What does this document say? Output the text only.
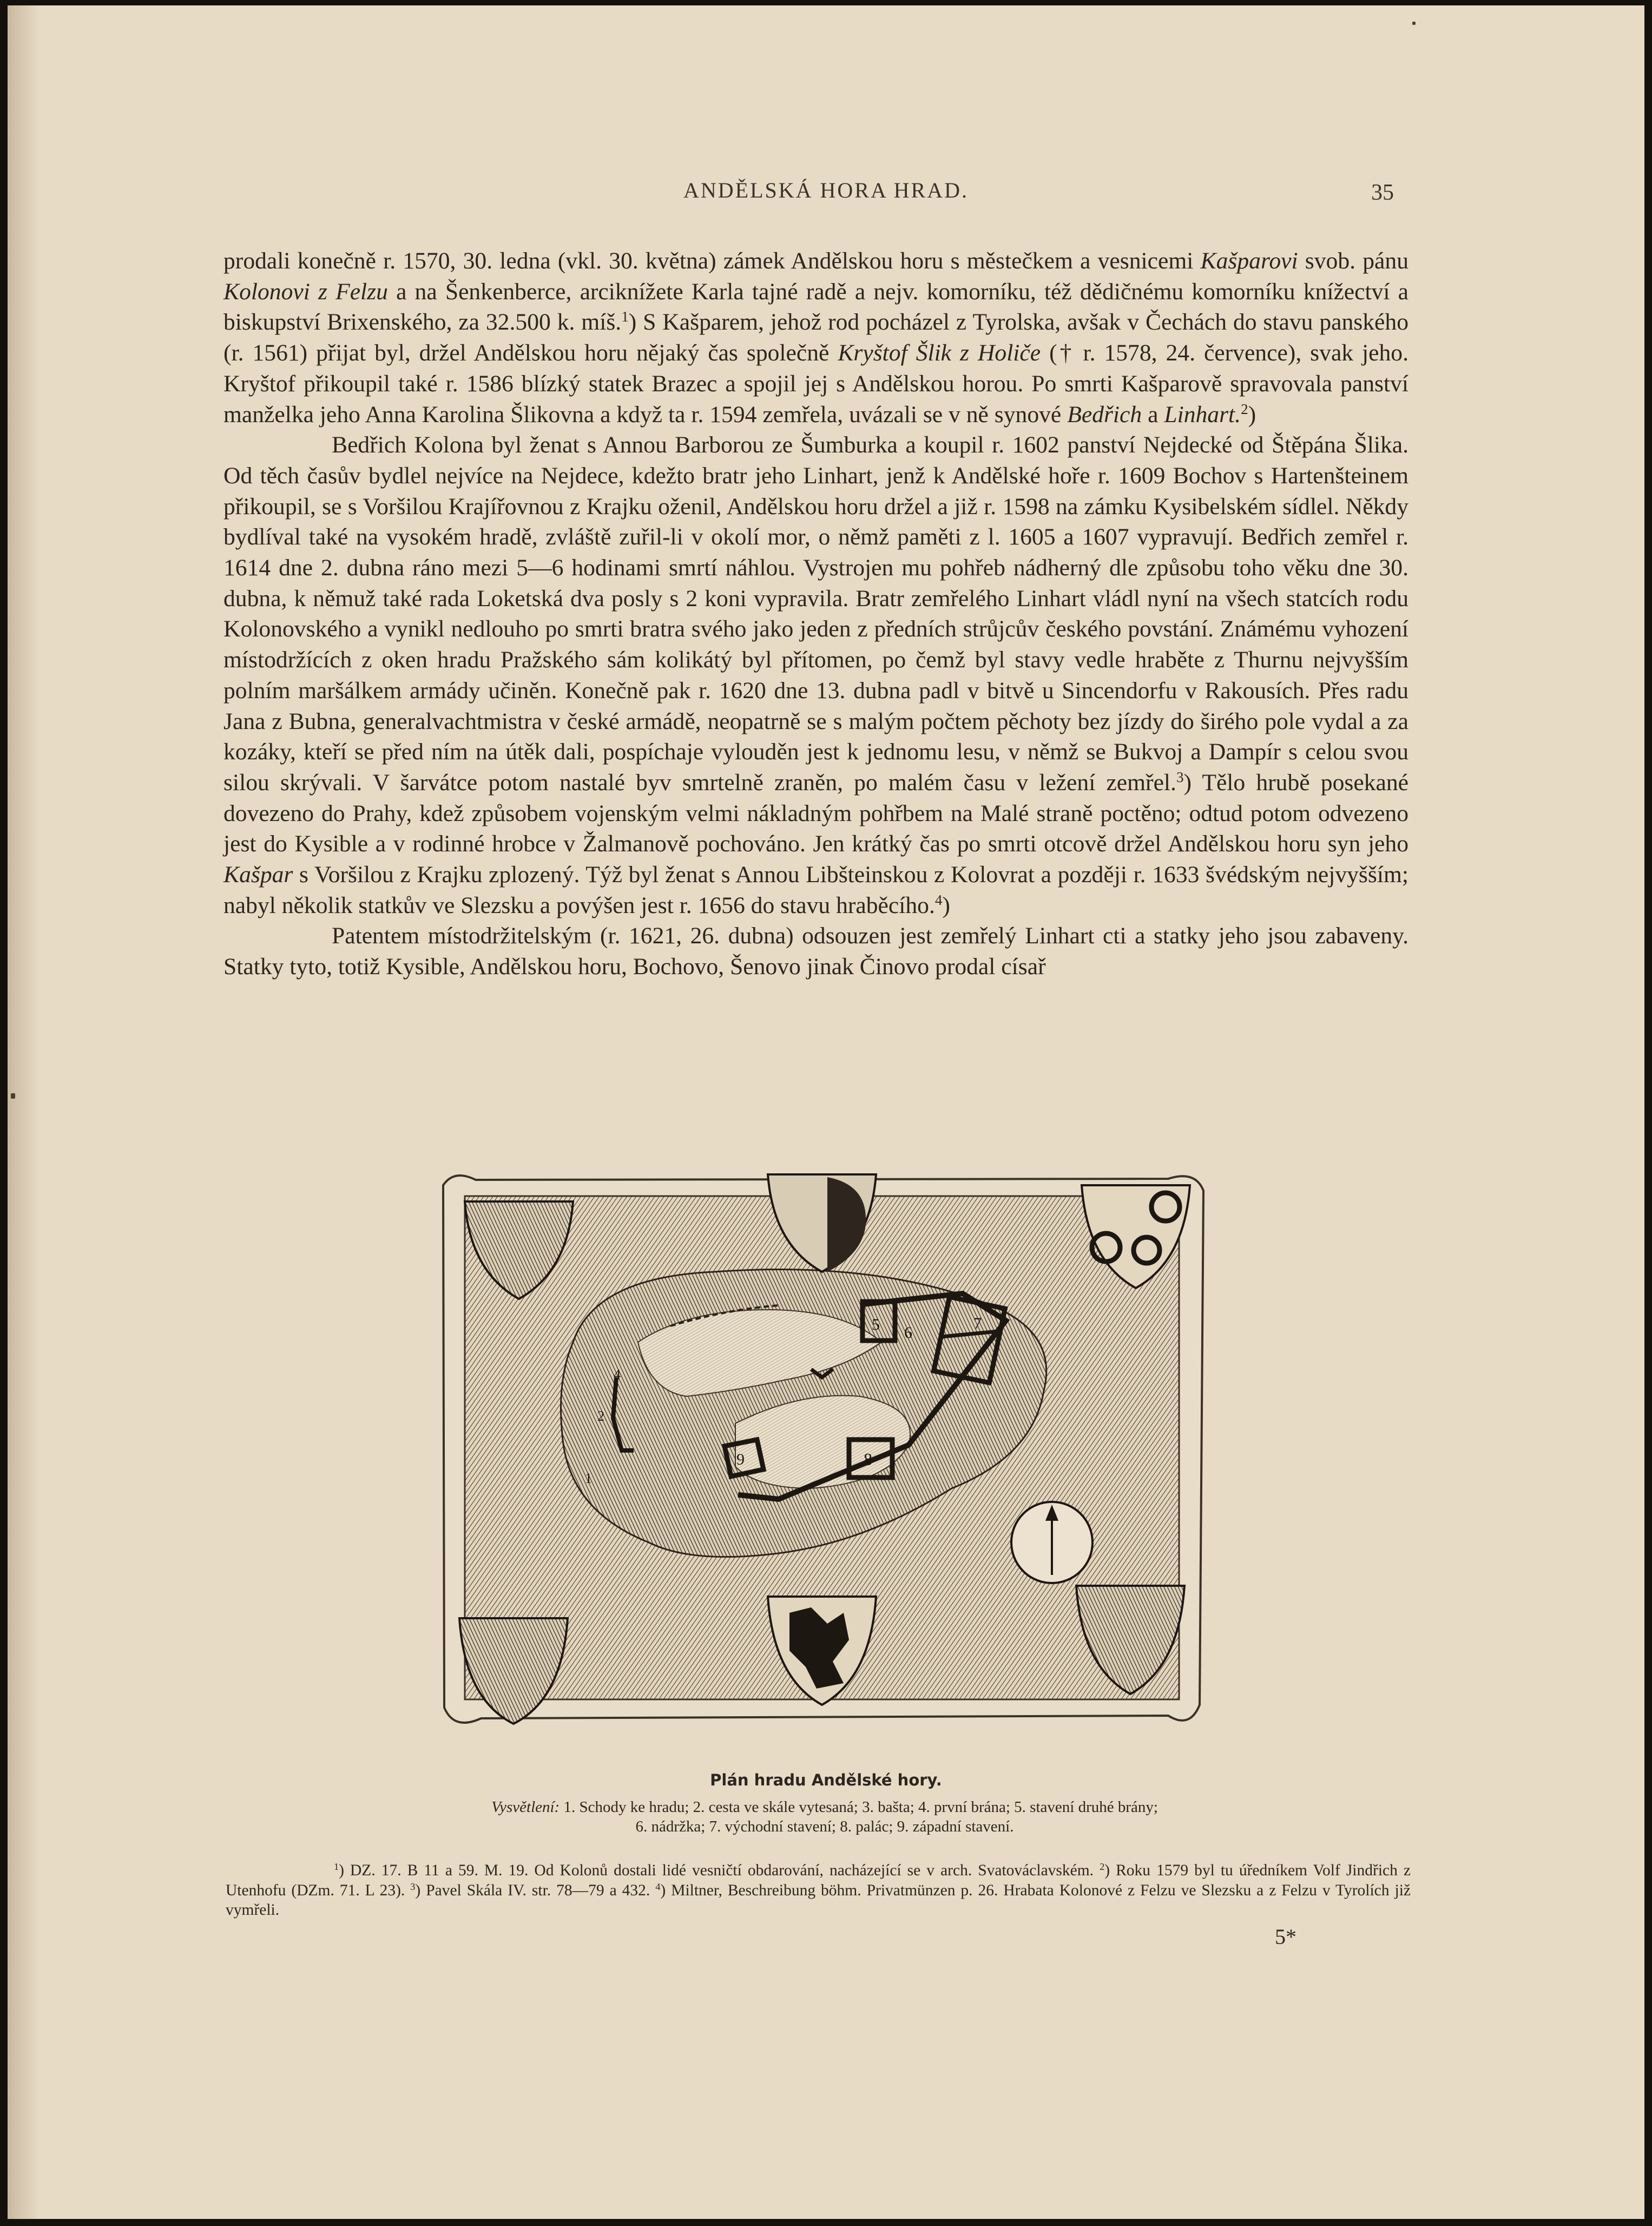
ANDĚLSKÁ HORA HRAD.	35

prodali konečně r. 1570, 30. ledna (vkl. 30. května) zámek Andělskou horu s městečkem a vesnicemi Kašparovi svob. pánu Kolonovi z Felzu a na Šenkenberce, arciknížete Karla tajné radě a nejv. komorníku, též dědičnému komorníku knížectví a biskupství Brixenského, za 32.500 k. míš.$^1$) S Kašparem, jehož rod pocházel z Tyrolska, avšak v Čechách do stavu panského (r. 1561) přijat byl, držel Andělskou horu nějaký čas společně Kryštof Šlik z Holiče († r. 1578, 24. července), svak jeho. Kryštof přikoupil také r. 1586 blízký statek Brazec a spojil jej s Andělskou horou. Po smrti Kašparově spravovala panství manželka jeho Anna Karolina Šlikovna a když ta r. 1594 zemřela, uvázali se v ně synové Bedřich a Linhart.$^2$)

Bedřich Kolona byl ženat s Annou Barborou ze Šumburka a koupil r. 1602 panství Nejdecké od Štěpána Šlika. Od těch časův bydlel nejvíce na Nejdece, kdežto bratr jeho Linhart, jenž k Andělské hoře r. 1609 Bochov s Hartenšteinem přikoupil, se s Voršilou Krajířovnou z Krajku oženil, Andělskou horu držel a již r. 1598 na zámku Kysibelském sídlel. Někdy bydlíval také na vysokém hradě, zvláště zuřil-li v okolí mor, o němž paměti z l. 1605 a 1607 vypravují. Bedřich zemřel r. 1614 dne 2. dubna ráno mezi 5—6 hodinami smrtí náhlou. Vystrojen mu pohřeb nádherný dle způsobu toho věku dne 30. dubna, k němuž také rada Loketská dva posly s 2 koni vypravila. Bratr zemřelého Linhart vládl nyní na všech statcích rodu Kolonovského a vynikl nedlouho po smrti bratra svého jako jeden z předních strůjcův českého povstání. Známému vyhození místodržících z oken hradu Pražského sám kolikátý byl přítomen, po čemž byl stavy vedle hraběte z Thurnu nejvyšším polním maršálkem armády učiněn. Konečně pak r. 1620 dne 13. dubna padl v bitvě u Sincendorfu v Rakousích. Přes radu Jana z Bubna, generalvachtmistra v české armádě, neopatrně se s malým počtem pěchoty bez jízdy do širého pole vydal a za kozáky, kteří se před ním na útěk dali, pospíchaje vylouděn jest k jednomu lesu, v němž se Bukvoj a Dampír s celou svou silou skrývali. V šarvátce potom nastalé byv smrtelně zraněn, po malém času v ležení zemřel.$^3$) Tělo hrubě posekané dovezeno do Prahy, kdež způsobem vojenským velmi nákladným pohřbem na Malé straně poctěno; odtud potom odvezeno jest do Kysible a v rodinné hrobce v Žalmanově pochováno. Jen krátký čas po smrti otcově držel Andělskou horu syn jeho Kašpar s Voršilou z Krajku zplozený. Týž byl ženat s Annou Libšteinskou z Kolovrat a později r. 1633 švédským nejvyšším; nabyl několik statkův ve Slezsku a povýšen jest r. 1656 do stavu hraběcího.$^4$)

Patentem místodržitelským (r. 1621, 26. dubna) odsouzen jest zemřelý Linhart cti a statky jeho jsou zabaveny. Statky tyto, totiž Kysible, Andělskou horu, Bochovo, Šenovo jinak Činovo prodal císař

4
2
1
5 6
7
8
9
Plán hradu Andělské hory.
Vysvětlení: 1. Schody ke hradu; 2. cesta ve skále vytesaná; 3. bašta; 4. první brána; 5. stavení druhé brány;
6. nádržka; 7. východní stavení; 8. palác; 9. západní stavení.
$^1$) DZ. 17. B 11 a 59. M. 19. Od Kolonů dostali lidé vesničtí obdarování, nacházející se v arch. Svatováclavském. $^2$) Roku 1579 byl tu úředníkem Volf Jindřich z Utenhofu (DZm. 71. L 23). $^3$) Pavel Skála IV. str. 78—79 a 432. $^4$) Miltner, Beschreibung böhm. Privatmünzen p. 26. Hrabata Kolonové z Felzu ve Slezsku a z Felzu v Tyrolích již vymřeli.
5*
